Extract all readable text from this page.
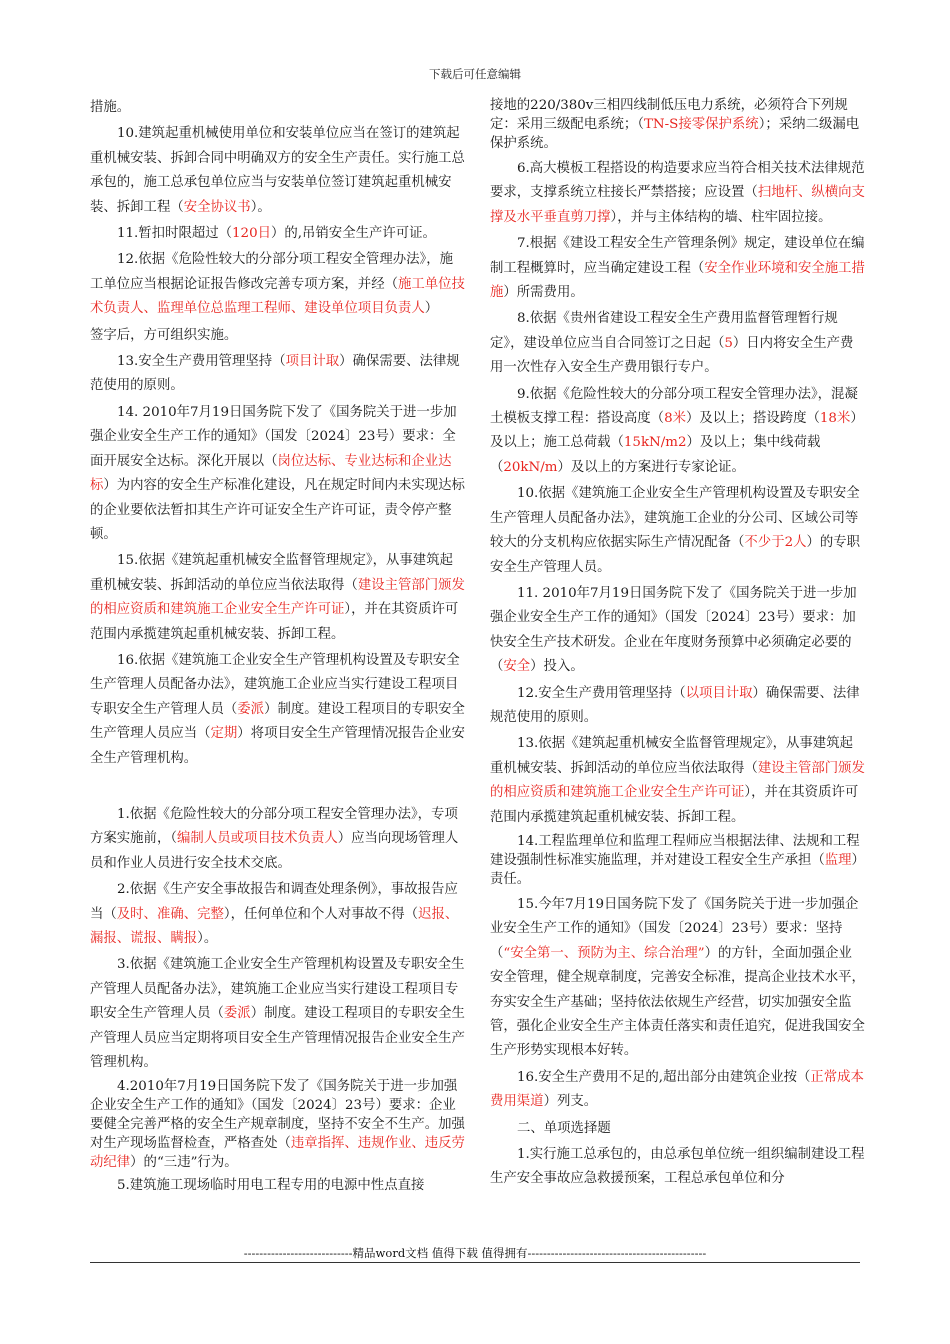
下载后可任意编辑

措施。

10.建筑起重机械使用单位和安装单位应当在签订的建筑起重机械安装、拆卸合同中明确双方的安全生产责任。实行施工总承包的，施工总承包单位应当与安装单位签订建筑起重机械安装、拆卸工程（安全协议书）。

11.暂扣时限超过（120日）的,吊销安全生产许可证。

12.依据《危险性较大的分部分项工程安全管理办法》，施工单位应当根据论证报告修改完善专项方案，并经（施工单位技术负责人、监理单位总监理工程师、建设单位项目负责人）

签字后，方可组织实施。

13.安全生产费用管理坚持（项目计取）确保需要、法律规范使用的原则。

14. 2010年7月19日国务院下发了《国务院关于进一步加强企业安全生产工作的通知》（国发〔2024〕23号）要求：全面开展安全达标。深化开展以（岗位达标、专业达标和企业达标）为内容的安全生产标准化建设，凡在规定时间内未实现达标的企业要依法暂扣其生产许可证安全生产许可证，责令停产整顿。

15.依据《建筑起重机械安全监督管理规定》，从事建筑起重机械安装、拆卸活动的单位应当依法取得（建设主管部门颁发的相应资质和建筑施工企业安全生产许可证），并在其资质许可范围内承揽建筑起重机械安装、拆卸工程。

16.依据《建筑施工企业安全生产管理机构设置及专职安全生产管理人员配备办法》，建筑施工企业应当实行建设工程项目专职安全生产管理人员（委派）制度。建设工程项目的专职安全生产管理人员应当（定期）将项目安全生产管理情况报告企业安全生产管理机构。

1.依据《危险性较大的分部分项工程安全管理办法》，专项方案实施前，（编制人员或项目技术负责人）应当向现场管理人员和作业人员进行安全技术交底。

2.依据《生产安全事故报告和调查处理条例》，事故报告应当（及时、准确、完整），任何单位和个人对事故不得（迟报、漏报、谎报、瞒报）。

3.依据《建筑施工企业安全生产管理机构设置及专职安全生产管理人员配备办法》，建筑施工企业应当实行建设工程项目专职安全生产管理人员（委派）制度。建设工程项目的专职安全生产管理人员应当定期将项目安全生产管理情况报告企业安全生产管理机构。

4.2010年7月19日国务院下发了《国务院关于进一步加强企业安全生产工作的通知》（国发〔2024〕23号）要求：企业要健全完善严格的安全生产规章制度，坚持不安全不生产。加强对生产现场监督检查，严格查处（违章指挥、违规作业、违反劳动纪律）的“三违”行为。

5.建筑施工现场临时用电工程专用的电源中性点直接

接地的220/380v三相四线制低压电力系统，必须符合下列规定：采用三级配电系统；（TN-S接零保护系统）；采纳二级漏电保护系统。

6.高大模板工程搭设的构造要求应当符合相关技术法律规范要求，支撑系统立柱接长严禁搭接；应设置（扫地杆、纵横向支撑及水平垂直剪刀撑），并与主体结构的墙、柱牢固拉接。

7.根据《建设工程安全生产管理条例》规定，建设单位在编制工程概算时，应当确定建设工程（安全作业环境和安全施工措施）所需费用。

8.依据《贵州省建设工程安全生产费用监督管理暂行规定》，建设单位应当自合同签订之日起（5）日内将安全生产费用一次性存入安全生产费用银行专户。

9.依据《危险性较大的分部分项工程安全管理办法》，混凝土模板支撑工程：搭设高度（8米）及以上；搭设跨度（18米）及以上；施工总荷载（15kN/m2）及以上；集中线荷载（20kN/m）及以上的方案进行专家论证。

10.依据《建筑施工企业安全生产管理机构设置及专职安全生产管理人员配备办法》，建筑施工企业的分公司、区域公司等较大的分支机构应依据实际生产情况配备（不少于2人）的专职安全生产管理人员。

11. 2010年7月19日国务院下发了《国务院关于进一步加强企业安全生产工作的通知》（国发〔2024〕23号）要求：加快安全生产技术研发。企业在年度财务预算中必须确定必要的（安全）投入。

12.安全生产费用管理坚持（以项目计取）确保需要、法律规范使用的原则。

13.依据《建筑起重机械安全监督管理规定》，从事建筑起重机械安装、拆卸活动的单位应当依法取得（建设主管部门颁发的相应资质和建筑施工企业安全生产许可证），并在其资质许可范围内承揽建筑起重机械安装、拆卸工程。

14.工程监理单位和监理工程师应当根据法律、法规和工程建设强制性标准实施监理，并对建设工程安全生产承担（监理）责任。

15.今年7月19日国务院下发了《国务院关于进一步加强企业安全生产工作的通知》（国发〔2024〕23号）要求：坚持（“安全第一、预防为主、综合治理”）的方针，全面加强企业安全管理，健全规章制度，完善安全标准，提高企业技术水平，夯实安全生产基础；坚持依法依规生产经营，切实加强安全监管，强化企业安全生产主体责任落实和责任追究，促进我国安全生产形势实现根本好转。

16.安全生产费用不足的,超出部分由建筑企业按（正常成本费用渠道）列支。

二、单项选择题

1.实行施工总承包的，由总承包单位统一组织编制建设工程生产安全事故应急救援预案，工程总承包单位和分

----------------------------精品word文档 值得下载 值得拥有----------------------------------------------
